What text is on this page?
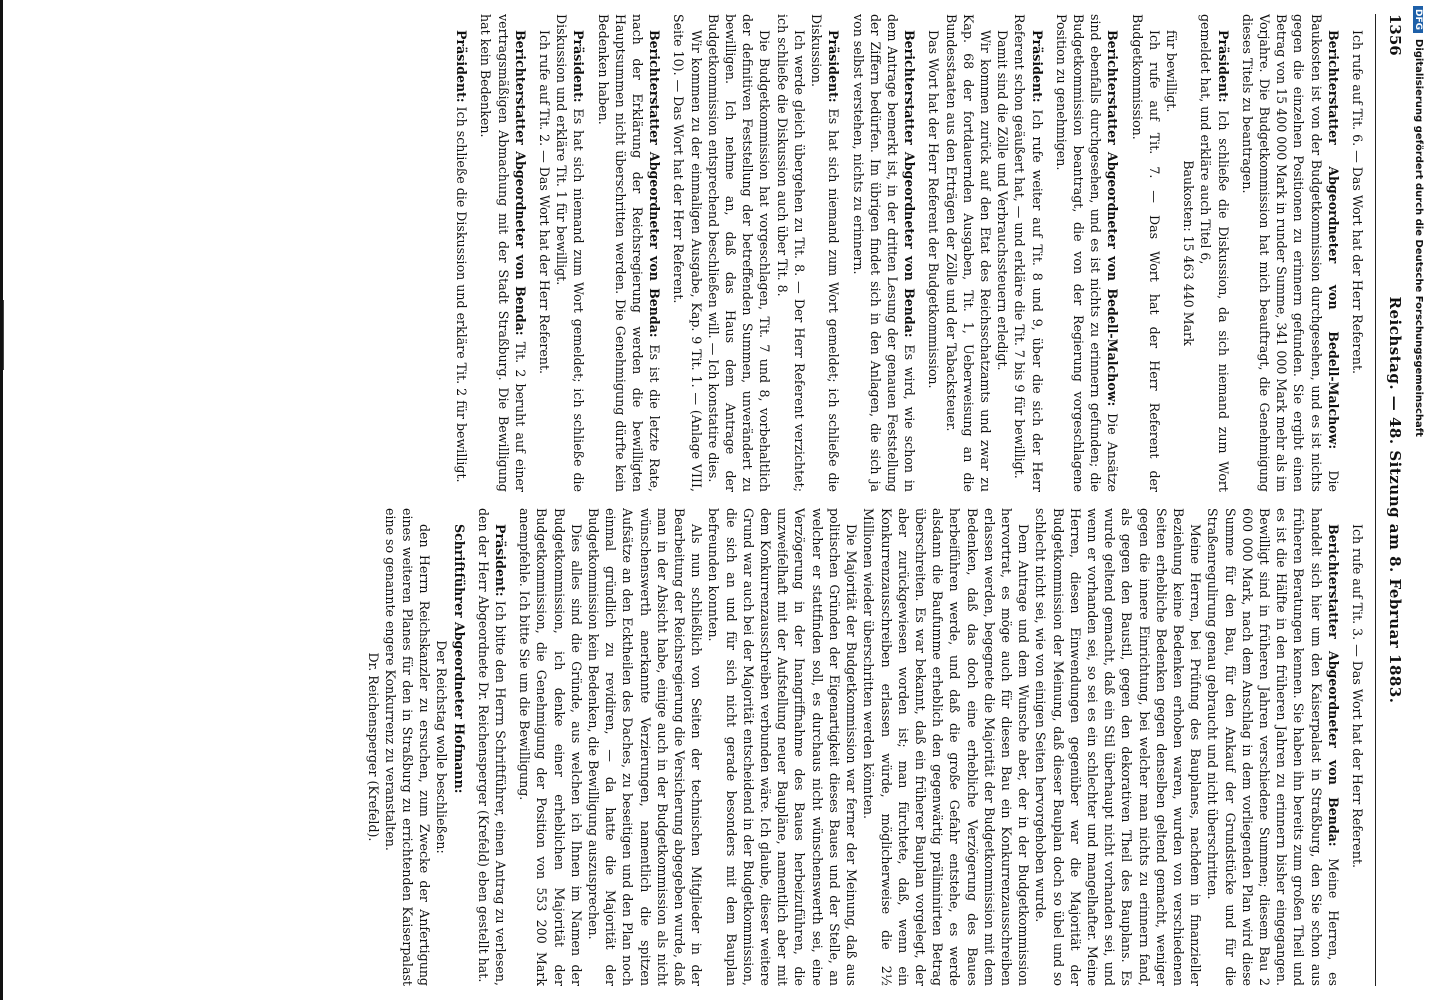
1356
Reichstag. — 48. Sitzung am 8. Februar 1883.

Ich rufe auf Tit. 6. — Das Wort hat der Herr Referent.

Berichterstatter Abgeordneter von Bedell-Malchow: Die Baukosten ist von der Budgetkommission durchgesehen, und es ist nichts gegen die einzelnen Positionen zu erinnern gefunden. Sie ergibt einen Betrag von 15 400 000 Mark in runder Summe, 341 000 Mark mehr als im Vorjahre. Die Budgetkommission hat mich beauftragt, die Genehmigung dieses Titels zu beantragen.

Präsident: Ich schließe die Diskussion, da sich niemand zum Wort gemeldet hat, und erkläre auch Titel 6,

Baukosten: 15 463 440 Mark

für bewilligt.

Ich rufe auf Tit. 7. — Das Wort hat der Herr Referent der Budgetkommission.

Berichterstatter Abgeordneter von Bedell-Malchow: Die Ansätze sind ebenfalls durchgesehen, und es ist nichts zu erinnern gefunden; die Budgetkommission beantragt, die von der Regierung vorgeschlagene Position zu genehmigen.

Präsident: Ich rufe weiter auf Tit. 8 und 9, über die sich der Herr Referent schon geäußert hat, — und erkläre die Tit. 7 bis 9 für bewilligt.

Damit sind die Zölle und Verbrauchssteuern erledigt.

Wir kommen zurück auf den Etat des Reichsschatzamts und zwar zu Kap. 68 der fortdauernden Ausgaben, Tit. 1, Ueberweisung an die Bundesstaaten aus den Erträgen der Zölle und der Tabacksteuer.

Das Wort hat der Herr Referent der Budgetkommission.

Berichterstatter Abgeordneter von Benda: Es wird, wie schon in dem Antrage bemerkt ist, in der dritten Lesung der genauen Feststellung der Ziffern bedürfen. Im übrigen findet sich in den Anlagen, die sich ja von selbst verstehen, nichts zu erinnern.

Präsident: Es hat sich niemand zum Wort gemeldet; ich schließe die Diskussion.

Ich werde gleich übergehen zu Tit. 8. — Der Herr Referent verzichtet; ich schließe die Diskussion auch über Tit. 8.

Die Budgetkommission hat vorgeschlagen, Tit. 7 und 8, vorbehaltlich der definitiven Feststellung der betreffenden Summen, unverändert zu bewilligen. Ich nehme an, daß das Haus dem Antrage der Budgetkommission entsprechend beschließen will. — Ich konstatire dies.

Wir kommen zu der einmaligen Ausgabe, Kap. 9 Tit. 1. — (Anlage VIII, Seite 10). — Das Wort hat der Herr Referent.

Berichterstatter Abgeordneter von Benda: Es ist die letzte Rate, nach der Erklärung der Reichsregierung werden die bewilligten Hauptsummen nicht überschritten werden. Die Genehmigung dürfte kein Bedenken haben.

Präsident: Es hat sich niemand zum Wort gemeldet; ich schließe die Diskussion und erkläre Tit. 1 für bewilligt.

Ich rufe auf Tit. 2. — Das Wort hat der Herr Referent.

Berichterstatter Abgeordneter von Benda: Tit. 2 beruht auf einer vertragsmäßigen Abmachung mit der Stadt Straßburg. Die Bewilligung hat kein Bedenken.

Präsident: Ich schließe die Diskussion und erkläre Tit. 2 für bewilligt.

Ich rufe auf Tit. 3. — Das Wort hat der Herr Referent.

Berichterstatter Abgeordneter von Benda: Meine Herren, es handelt sich hier um den Kaiserpalast in Straßburg, den Sie schon aus früheren Beratungen kennen. Sie haben ihn bereits zum großen Theil und es ist die Hälfte in den früheren Jahren zu erinnern bisher eingegangen. Bewilligt sind in früheren Jahren verschiedene Summen; diesem Bau 2 600 000 Mark, nach dem Anschlag in dem vorliegenden Plan wird diese Summe für den Bau, für den Ankauf der Grundstücke und für die Straßenregulirung genau gebraucht und nicht überschritten.

Meine Herren, bei Prüfung des Bauplanes, nachdem in finanzieller Beziehung keine Bedenken erhoben waren, wurden von verschiedenen Seiten erhebliche Bedenken gegen denselben geltend gemacht, weniger gegen die innere Einrichtung, bei welcher man nichts zu erinnern fand, als gegen den Baustil, gegen den dekorativen Theil des Bauplans. Es wurde geltend gemacht, daß ein Stil überhaupt nicht vorhanden sei, und wenn er vorhanden sei, so sei es ein schlechter und mangelhafter. Meine Herren, diesen Einwendungen gegenüber war die Majorität der Budgetkommission der Meinung, daß dieser Bauplan doch so übel und so schlecht nicht sei, wie von einigen Seiten hervorgehoben wurde.

Dem Antrage und dem Wunsche aber, der in der Budgetkommission hervortrat, es möge auch für diesen Bau ein Konkurrenzausschreiben erlassen werden, begegnete die Majorität der Budgetkommission mit dem Bedenken, daß das doch eine erhebliche Verzögerung des Baues herbeiführen werde, und daß die große Gefahr entstehe, es werde alsdann die Baufumme erheblich den gegenwärtig präliminirten Betrag überschreiten. Es war bekannt, daß ein früherer Bauplan vorgelegt, der aber zurückgewiesen worden ist; man fürchtete, daß, wenn ein Konkurrenzausschreiben erlassen würde, möglicherweise die 2½ Millionen wieder überschritten werden könnten.

Die Majorität der Budgetkommission war ferner der Meinung, daß aus politischen Gründen der Eigenartigkeit dieses Baues und der Stelle, an welcher er stattfinden soll, es durchaus nicht wünschenswerth sei, eine Verzögerung in der Inangriffnahme des Baues herbeizuführen, die unzweifelhaft mit der Aufstellung neuer Baupläne, namentlich aber mit dem Konkurrenzausschreiben verbunden wäre. Ich glaube, dieser weitere Grund war auch bei der Majorität entscheidend in der Budgetkommission, die sich an und für sich nicht gerade besonders mit dem Bauplan befreunden konnten.

Als nun schließlich von Seiten der technischen Mitglieder in der Bearbeitung der Reichsregierung die Versicherung abgegeben wurde, daß man in der Absicht habe, einige auch in der Budgetkommission als nicht wünschenswerth anerkannte Verzierungen, namentlich die spitzen Aufsätze an den Ecktheilen des Daches, zu beseitigen und den Plan noch einmal gründlich zu revidiren, — da hatte die Majorität der Budgetkommission kein Bedenken, die Bewilligung auszusprechen.

Dies alles sind die Gründe, aus welchen ich Ihnen im Namen der Budgetkommission, ich denke einer erheblichen Majorität der Budgetkommission, die Genehmigung der Position von 553 200 Mark anempfehle. Ich bitte Sie um die Bewilligung.

Präsident: Ich bitte den Herrn Schriftführer, einen Antrag zu verlesen, den der Herr Abgeordnete Dr. Reichensperger (Krefeld) eben gestellt hat.

Schriftführer Abgeordneter Hofmann:

Der Reichstag wolle beschließen:

den Herrn Reichskanzler zu ersuchen, zum Zwecke der Anfertigung eines weiteren Planes für den in Straßburg zu errichtenden Kaiserpalast eine so genannte engere Konkurrenz zu veranstalten.

Dr. Reichensperger (Krefeld).

DFGDigitalisierung gefördert durch die Deutsche Forschungsgemeinschaft
